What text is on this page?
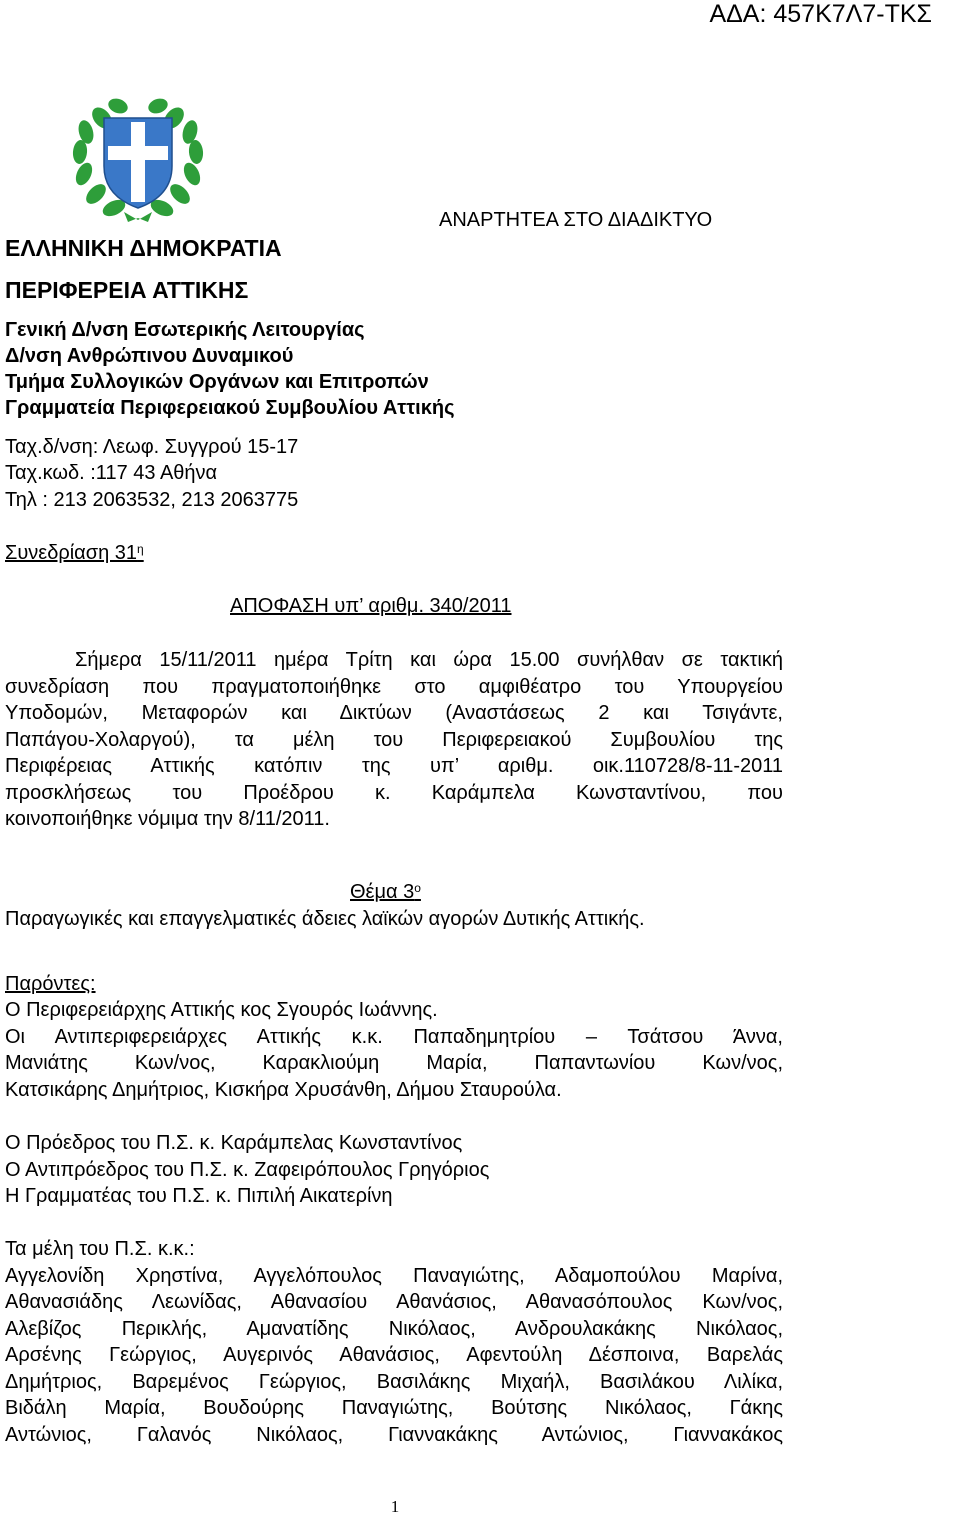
ΑΔΑ: 457Κ7Λ7-ΤΚΣ
ΑΝΑΡΤΗΤΕΑ ΣΤΟ ΔΙΑΔΙΚΤΥΟ
ΕΛΛΗΝΙΚΗ ΔΗΜΟΚΡΑΤΙΑ
ΠΕΡΙΦΕΡΕΙΑ ΑΤΤΙΚΗΣ
Γενική Δ/νση Εσωτερικής Λειτουργίας
Δ/νση Ανθρώπινου Δυναμικού
Τμήμα Συλλογικών Οργάνων και Επιτροπών
Γραμματεία Περιφερειακού Συμβουλίου Αττικής
Ταχ.δ/νση: Λεωφ. Συγγρού 15-17
Ταχ.κωδ. :117 43 Αθήνα
Τηλ : 213 2063532, 213 2063775
Συνεδρίαση $31^\eta$
ΑΠΟΦΑΣΗ υπ’ αριθμ. 340/2011
Σήμερα 15/11/2011 ημέρα Τρίτη και ώρα 15.00 συνήλθαν σε τακτική
συνεδρίαση που πραγματοποιήθηκε στο αμφιθέατρο του Υπουργείου
Υποδομών, Μεταφορών και Δικτύων (Αναστάσεως 2 και Τσιγάντε,
Παπάγου-Χολαργού), τα μέλη του Περιφερειακού Συμβουλίου της
Περιφέρειας Αττικής κατόπιν της υπ’ αριθμ. οικ.110728/8-11-2011
προσκλήσεως του Προέδρου κ. Καράμπελα Κωνσταντίνου, που
κοινοποιήθηκε νόμιμα την 8/11/2011.
Θέμα $3^o$
Παραγωγικές και επαγγελματικές άδειες λαϊκών αγορών Δυτικής Αττικής.
Παρόντες:
Ο Περιφερειάρχης Αττικής κος Σγουρός Ιωάννης.
Οι Αντιπεριφερειάρχες Αττικής κ.κ. Παπαδημητρίου – Τσάτσου Άννα,
Μανιάτης Κων/νος, Καρακλιούμη Μαρία, Παπαντωνίου Κων/νος,
Κατσικάρης Δημήτριος, Κισκήρα Χρυσάνθη, Δήμου Σταυρούλα.
Ο Πρόεδρος του Π.Σ. κ. Καράμπελας Κωνσταντίνος
Ο Αντιπρόεδρος του Π.Σ. κ. Ζαφειρόπουλος Γρηγόριος
Η Γραμματέας του Π.Σ. κ. Πιπιλή Αικατερίνη
Τα μέλη του Π.Σ. κ.κ.:
Αγγελονίδη Χρηστίνα, Αγγελόπουλος Παναγιώτης, Αδαμοπούλου Μαρίνα,
Αθανασιάδης Λεωνίδας, Αθανασίου Αθανάσιος, Αθανασόπουλος Κων/νος,
Αλεβίζος Περικλής, Αμανατίδης Νικόλαος, Ανδρουλακάκης Νικόλαος,
Αρσένης Γεώργιος, Αυγερινός Αθανάσιος, Αφεντούλη Δέσποινα, Βαρελάς
Δημήτριος, Βαρεμένος Γεώργιος, Βασιλάκης Μιχαήλ, Βασιλάκου Λιλίκα,
Βιδάλη Μαρία, Βουδούρης Παναγιώτης, Βούτσης Νικόλαος, Γάκης
Αντώνιος, Γαλανός Νικόλαος, Γιαννακάκης Αντώνιος, Γιαννακάκος
1
